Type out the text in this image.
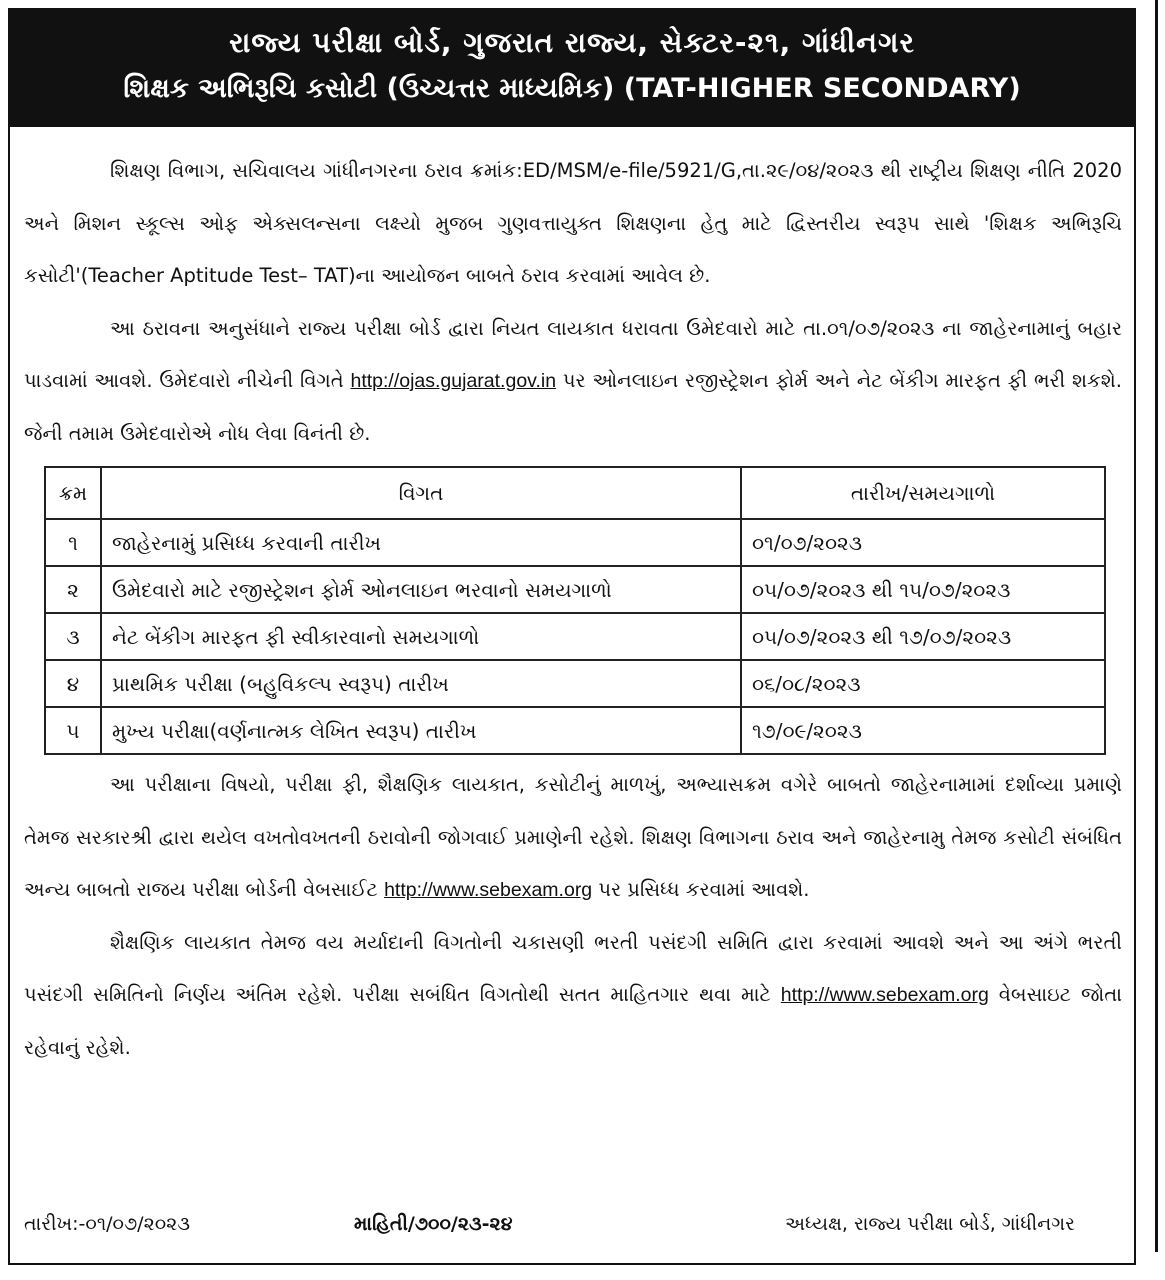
રાજ્ય પરીક્ષા બોર્ડ, ગુજરાત રાજ્ય, સેક્ટર-૨૧, ગાંધીનગર
શિક્ષક અભિરૂચિ કસોટી (ઉચ્ચત્તર માધ્યમિક) (TAT-HIGHER SECONDARY)

શિક્ષણ વિભાગ, સચિવાલય ગાંધીનગરના ઠરાવ ક્રમાંક:ED/MSM/e-file/5921/G,તા.૨૯/૦૪/૨૦૨૩ થી રાષ્ટ્રીય શિક્ષણ નીતિ 2020 અને મિશન સ્કૂલ્સ ઓફ એક્સલન્સના લક્ષ્યો મુજબ ગુણવત્તાયુક્ત શિક્ષણના હેતુ માટે દ્વિસ્તરીય સ્વરૂપ સાથે 'શિક્ષક અભિરૂચિ કસોટી'(Teacher Aptitude Test– TAT)ના આયોજન બાબતે ઠરાવ કરવામાં આવેલ છે.

આ ઠરાવના અનુસંધાને રાજ્ય પરીક્ષા બોર્ડ દ્વારા નિયત લાયકાત ધરાવતા ઉમેદવારો માટે તા.૦૧/૦૭/૨૦૨૩ ના જાહેરનામાનું બહાર પાડવામાં આવશે. ઉમેદવારો નીચેની વિગતે http://ojas.gujarat.gov.in પર ઓનલાઇન રજીસ્ટ્રેશન ફોર્મ અને નેટ બેંકીગ મારફત ફી ભરી શકશે. જેની તમામ ઉમેદવારોએ નોધ લેવા વિનંતી છે.

ક્રમ	વિગત	તારીખ/સમયગાળો
૧	જાહેરનામું પ્રસિધ્ધ કરવાની તારીખ	૦૧/૦૭/૨૦૨૩
૨	ઉમેદવારો માટે રજીસ્ટ્રેશન ફોર્મ ઓનલાઇન ભરવાનો સમયગાળો	૦૫/૦૭/૨૦૨૩ થી ૧૫/૦૭/૨૦૨૩
૩	નેટ બેંકીગ મારફત ફી સ્વીકારવાનો સમયગાળો	૦૫/૦૭/૨૦૨૩ થી ૧૭/૦૭/૨૦૨૩
૪	પ્રાથમિક પરીક્ષા (બહુવિકલ્પ સ્વરૂપ) તારીખ	૦૬/૦૮/૨૦૨૩
૫	મુખ્ય પરીક્ષા(વર્ણનાત્મક લેખિત સ્વરૂપ) તારીખ	૧૭/૦૯/૨૦૨૩

આ પરીક્ષાના વિષયો, પરીક્ષા ફી, શૈક્ષણિક લાયકાત, કસોટીનું માળખું, અભ્યાસક્રમ વગેરે બાબતો જાહેરનામામાં દર્શાવ્યા પ્રમાણે તેમજ સરકારશ્રી દ્વારા થયેલ વખતોવખતની ઠરાવોની જોગવાઈ પ્રમાણેની રહેશે. શિક્ષણ વિભાગના ઠરાવ અને જાહેરનામુ તેમજ કસોટી સંબંધિત અન્ય બાબતો રાજય પરીક્ષા બોર્ડની વેબસાઈટ http://www.sebexam.org પર પ્રસિધ્ધ કરવામાં આવશે.

શૈક્ષણિક લાયકાત તેમજ વય મર્યાદાની વિગતોની ચકાસણી ભરતી પસંદગી સમિતિ દ્વારા કરવામાં આવશે અને આ અંગે ભરતી પસંદગી સમિતિનો નિર્ણય અંતિમ રહેશે. પરીક્ષા સબંધિત વિગતોથી સતત માહિતગાર થવા માટે http://www.sebexam.org વેબસાઇટ જોતા રહેવાનું રહેશે.

તારીખ:-૦૧/૦૭/૨૦૨૩	માહિતી/૭૦૦/૨૩-૨૪	અધ્યક્ષ, રાજ્ય પરીક્ષા બોર્ડ, ગાંધીનગર
